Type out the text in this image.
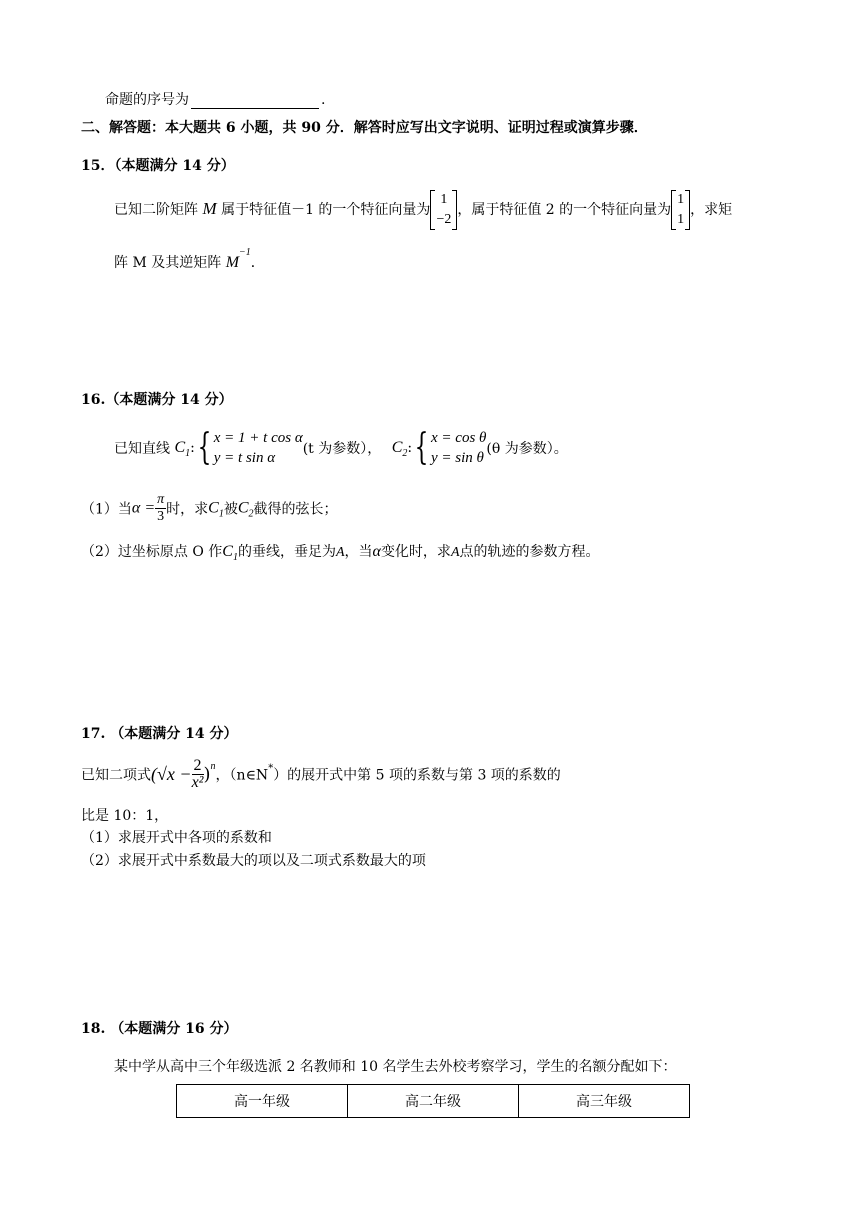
命题的序号为	.
二、解答题：本大题共 6 小题，共 90 分．解答时应写出文字说明、证明过程或演算步骤．
15．（本题满分 14 分）
已知二阶矩阵 M 属于特征值－1 的一个特征向量为
1
−2
，属于特征值 2 的一个特征向量为
1
1
，求矩
阵 M 及其逆矩阵 $M^{-1}$．
16.（本题满分 14 分）
已知直线 $C_1$:{ x = 1 + t cos α
y = t sin α
(t 为参数）， $C_2$:{ x = cos θ
y = sin θ
(θ 为参数）。
（1）当$\alpha = \frac{\pi}{3}$ 时，求$C_1$被$C_2$截得的弦长；
（2）过坐标原点 O 作$C_1$的垂线，垂足为A，当α变化时，求A点的轨迹的参数方程。
17. （本题满分 14 分）
已知二项式$(√x - \frac{2}{\text{x²}} )^n$，（n∈N*）的展开式中第 5 项的系数与第 3 项的系数的
比是 10：1，
（1）求展开式中各项的系数和
（2）求展开式中系数最大的项以及二项式系数最大的项
18. （本题满分 16 分）
某中学从高中三个年级选派 2 名教师和 10 名学生去外校考察学习，学生的名额分配如下：
高一年级	高二年级	高三年级
